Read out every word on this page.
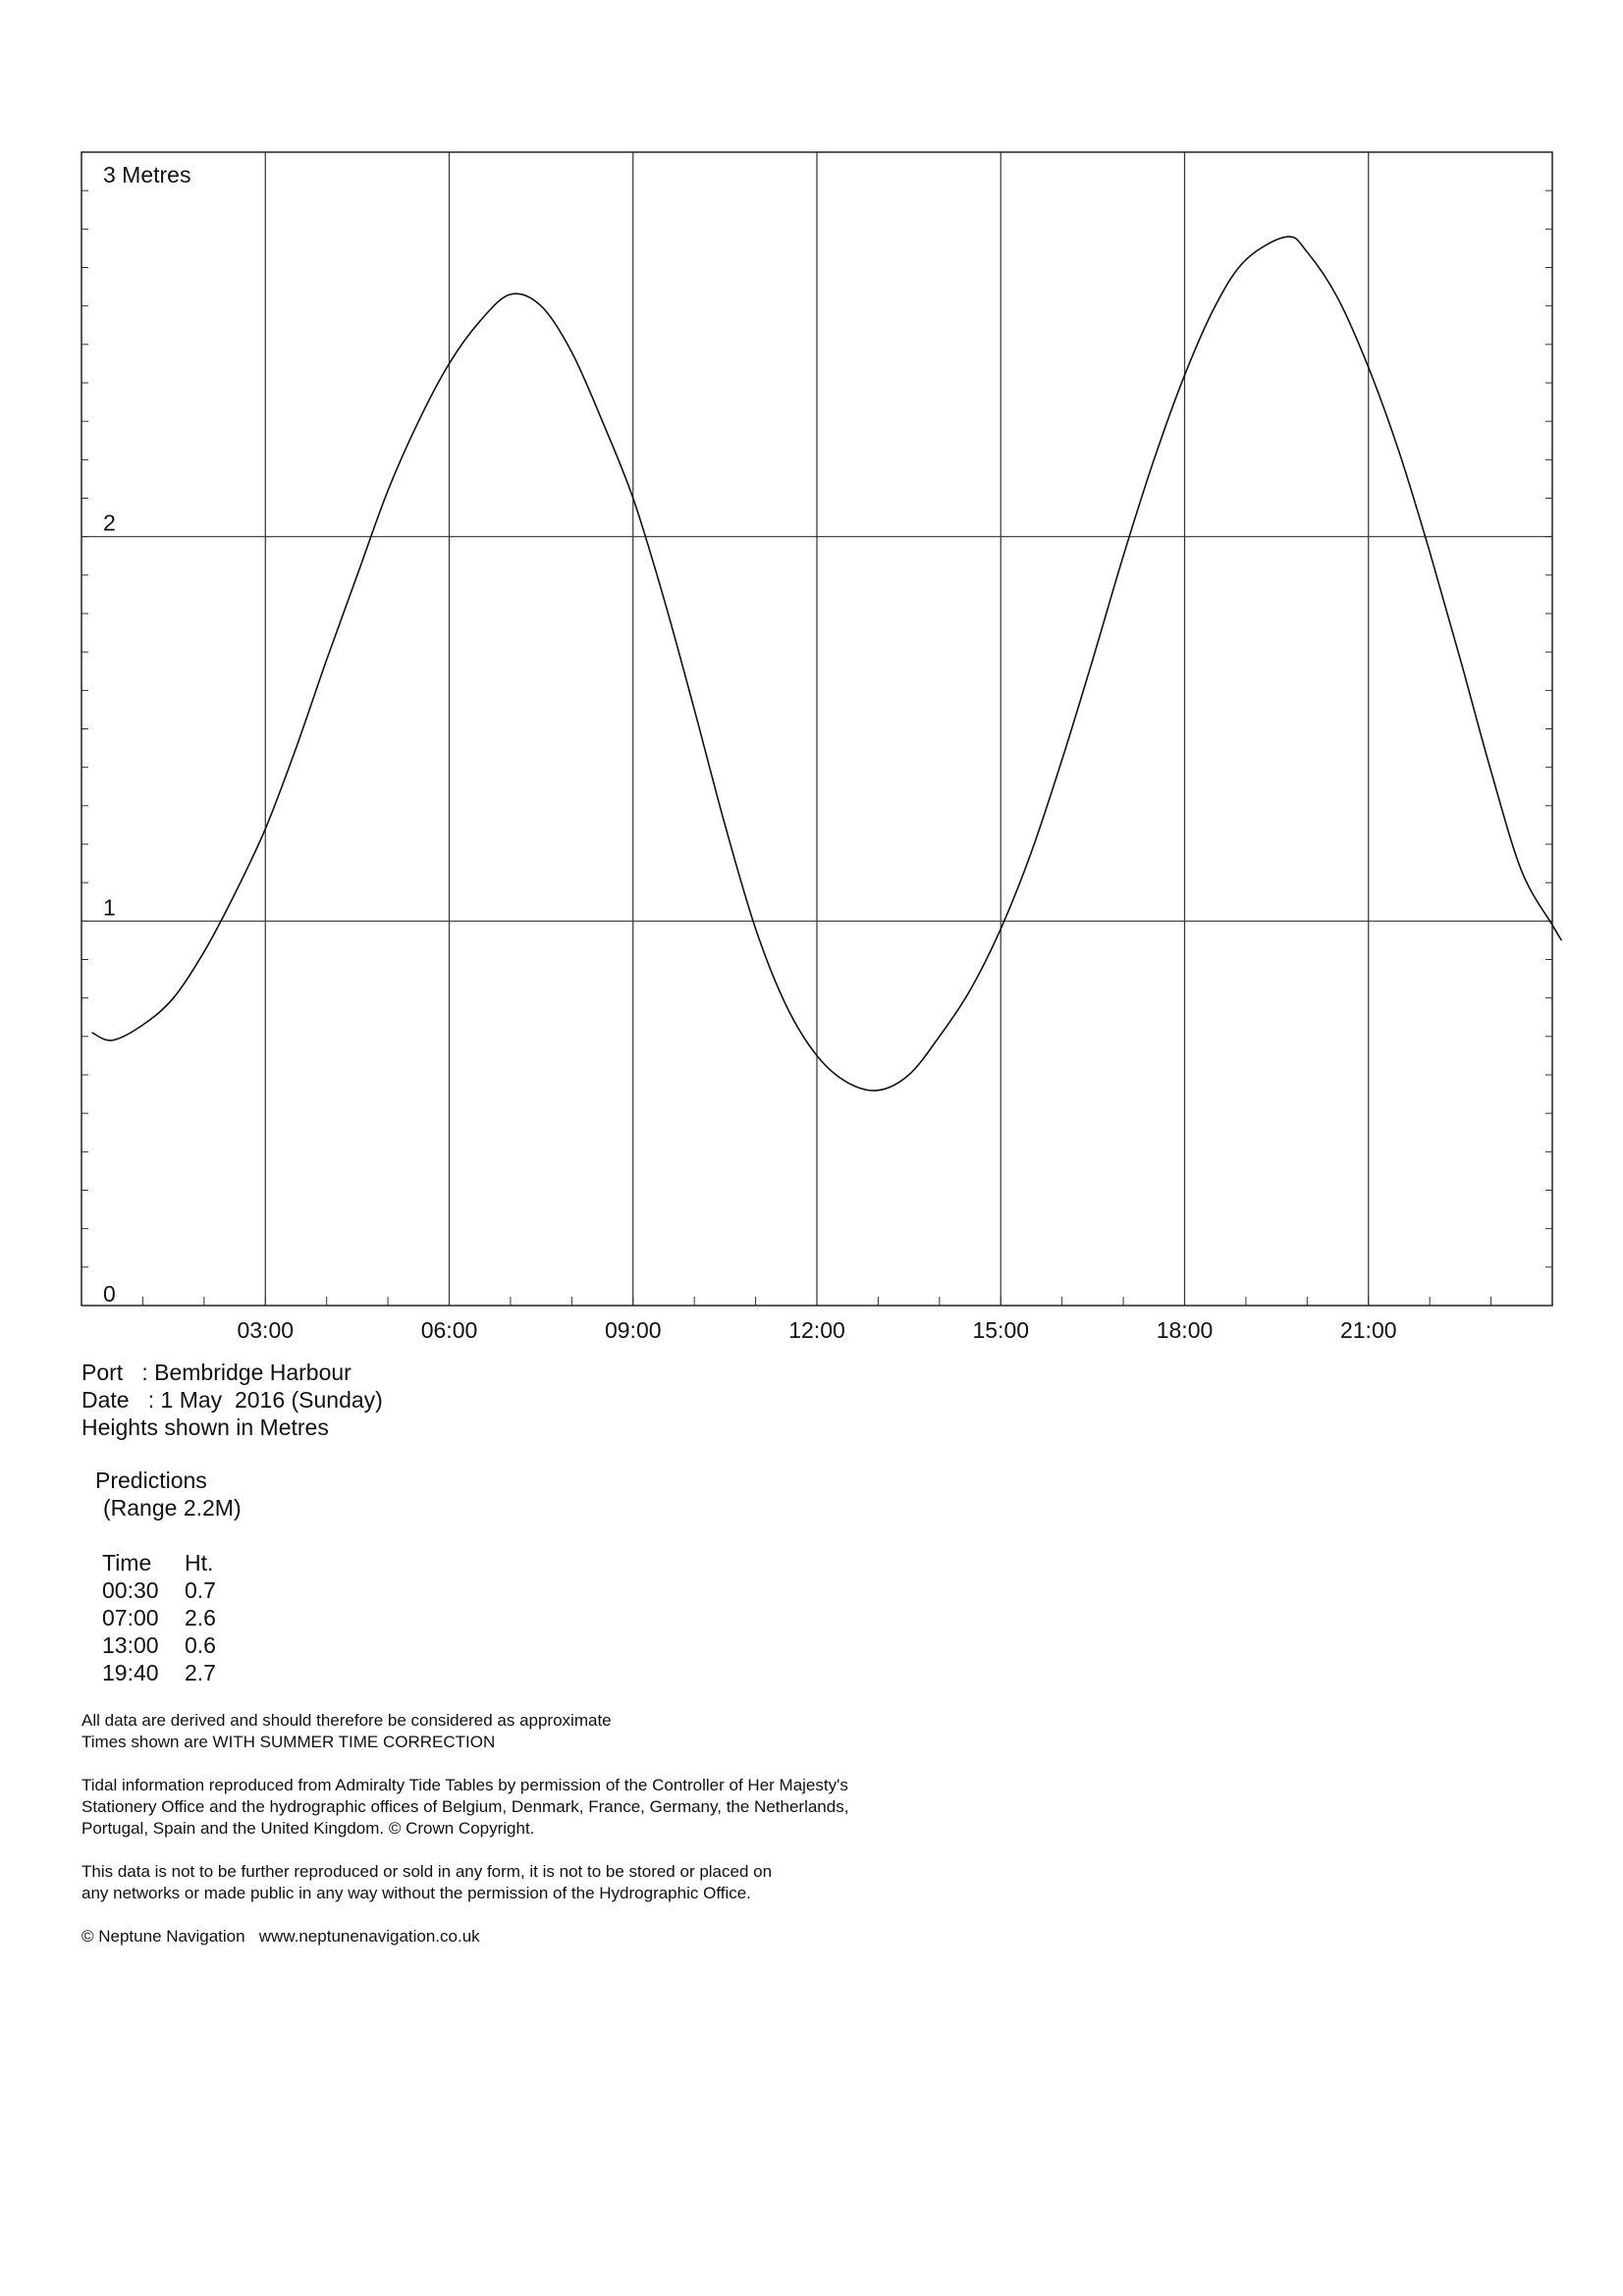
0
1
2
3 Metres
03:00	06:00	09:00	12:00	15:00	18:00	21:00
Port   : Bembridge Harbour
Date   : 1 May  2016 (Sunday)
Heights shown in Metres
Predictions
(Range 2.2M)
Time	Ht.
00:30	0.7
07:00	2.6
13:00	0.6
19:40	2.7

All data are derived and should therefore be considered as approximate
Times shown are WITH SUMMER TIME CORRECTION

Tidal information reproduced from Admiralty Tide Tables by permission of the Controller of Her Majesty's
Stationery Office and the hydrographic offices of Belgium, Denmark, France, Germany, the Netherlands,
Portugal, Spain and the United Kingdom. © Crown Copyright.

This data is not to be further reproduced or sold in any form, it is not to be stored or placed on
any networks or made public in any way without the permission of the Hydrographic Office.

© Neptune Navigation   www.neptunenavigation.co.uk
